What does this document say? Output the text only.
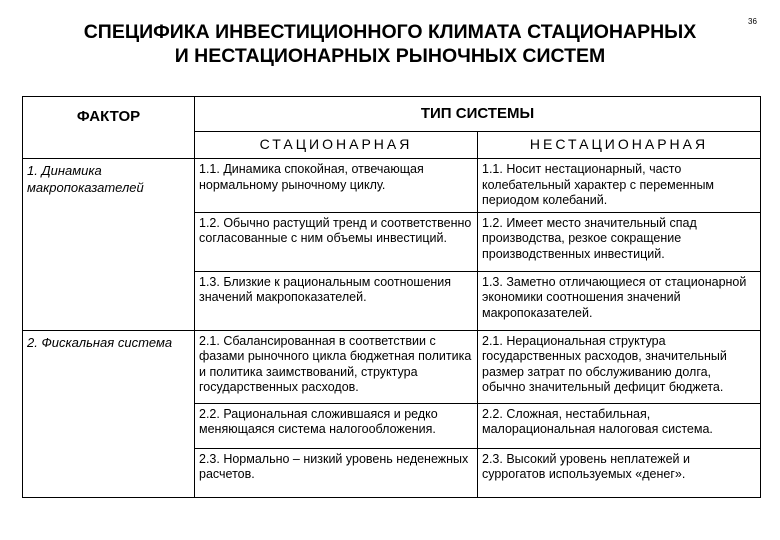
СПЕЦИФИКА ИНВЕСТИЦИОННОГО КЛИМАТА СТАЦИОНАРНЫХ
И НЕСТАЦИОНАРНЫХ РЫНОЧНЫХ СИСТЕМ
36
ФАКТОР	ТИП СИСТЕМЫ	
	СТАЦИОНАРНАЯ	НЕСТАЦИОНАРНАЯ
1. Динамика макропоказателей	1.1. Динамика спокойная, отвечающая нормальному рыночному циклу.	1.1. Носит нестационарный, часто колебательный характер с переменным периодом колебаний.
	1.2. Обычно растущий тренд и соответственно согласованные с ним объемы инвестиций.	1.2. Имеет место значительный спад производства, резкое сокращение производственных инвестиций.
	1.3. Близкие к рациональным соотношения значений макропоказателей.	1.3. Заметно отличающиеся от стационарной экономики соотношения значений макропоказателей.
2. Фискальная система	2.1. Сбалансированная в соответствии с фазами рыночного цикла бюджетная политика и политика заимствований, структура государственных расходов.	2.1. Нерациональная структура государственных расходов, значительный размер затрат по обслуживанию долга, обычно значительный дефицит бюджета.
	2.2. Рациональная сложившаяся и редко меняющаяся система налогообложения.	2.2. Сложная, нестабильная, малорациональная налоговая система.
	2.3. Нормально – низкий уровень неденежных расчетов.	2.3. Высокий уровень неплатежей и суррогатов используемых «денег».
